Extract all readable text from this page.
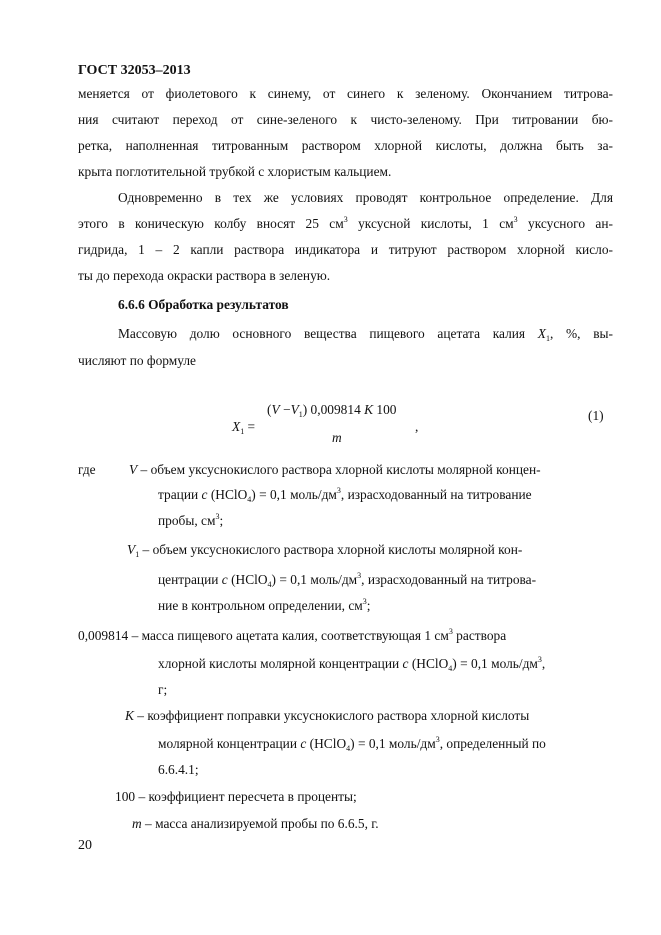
ГОСТ 32053–2013
меняется от фиолетового к синему, от синего к зеленому. Окончанием титрова-
ния считают переход от сине-зеленого к чисто-зеленому. При титровании бю-
ретка, наполненная титрованным раствором хлорной кислоты, должна быть за-
крыта поглотительной трубкой с хлористым кальцием.
Одновременно в тех же условиях проводят контрольное определение. Для
этого в коническую колбу вносят 25 $см^3$ уксусной кислоты, 1 $см^3$ уксусного ан-
гидрида, 1 – 2 капли раствора индикатора и титруют раствором хлорной кисло-
ты до перехода окраски раствора в зеленую.
6.6.6 Обработка результатов
Массовую долю основного вещества пищевого ацетата калия $X_1$, %, вы-
числяют по формуле
$X_1$ =
$(V -V_1)$ 0,009814 K 100
m
,
(1)
где V – объем уксуснокислого раствора хлорной кислоты молярной концен-
трации c (HClO$_4$) = 0,1 моль/$дм^3$, израсходованный на титрование
пробы, $см^3$;
$V_1$ – объем уксуснокислого раствора хлорной кислоты молярной кон-
центрации c (HClO$_4$) = 0,1 моль/$дм^3$, израсходованный на титрова-
ние в контрольном определении, $см^3$;
0,009814 – масса пищевого ацетата калия, соответствующая 1 $см^3$ раствора
хлорной кислоты молярной концентрации c (HClO$_4$) = 0,1 моль/$дм^3$,
г;
K – коэффициент поправки уксуснокислого раствора хлорной кислоты
молярной концентрации c (HClO$_4$) = 0,1 моль/$дм^3$, определенный по
6.6.4.1;
100 – коэффициент пересчета в проценты;
m – масса анализируемой пробы по 6.6.5, г.
20
